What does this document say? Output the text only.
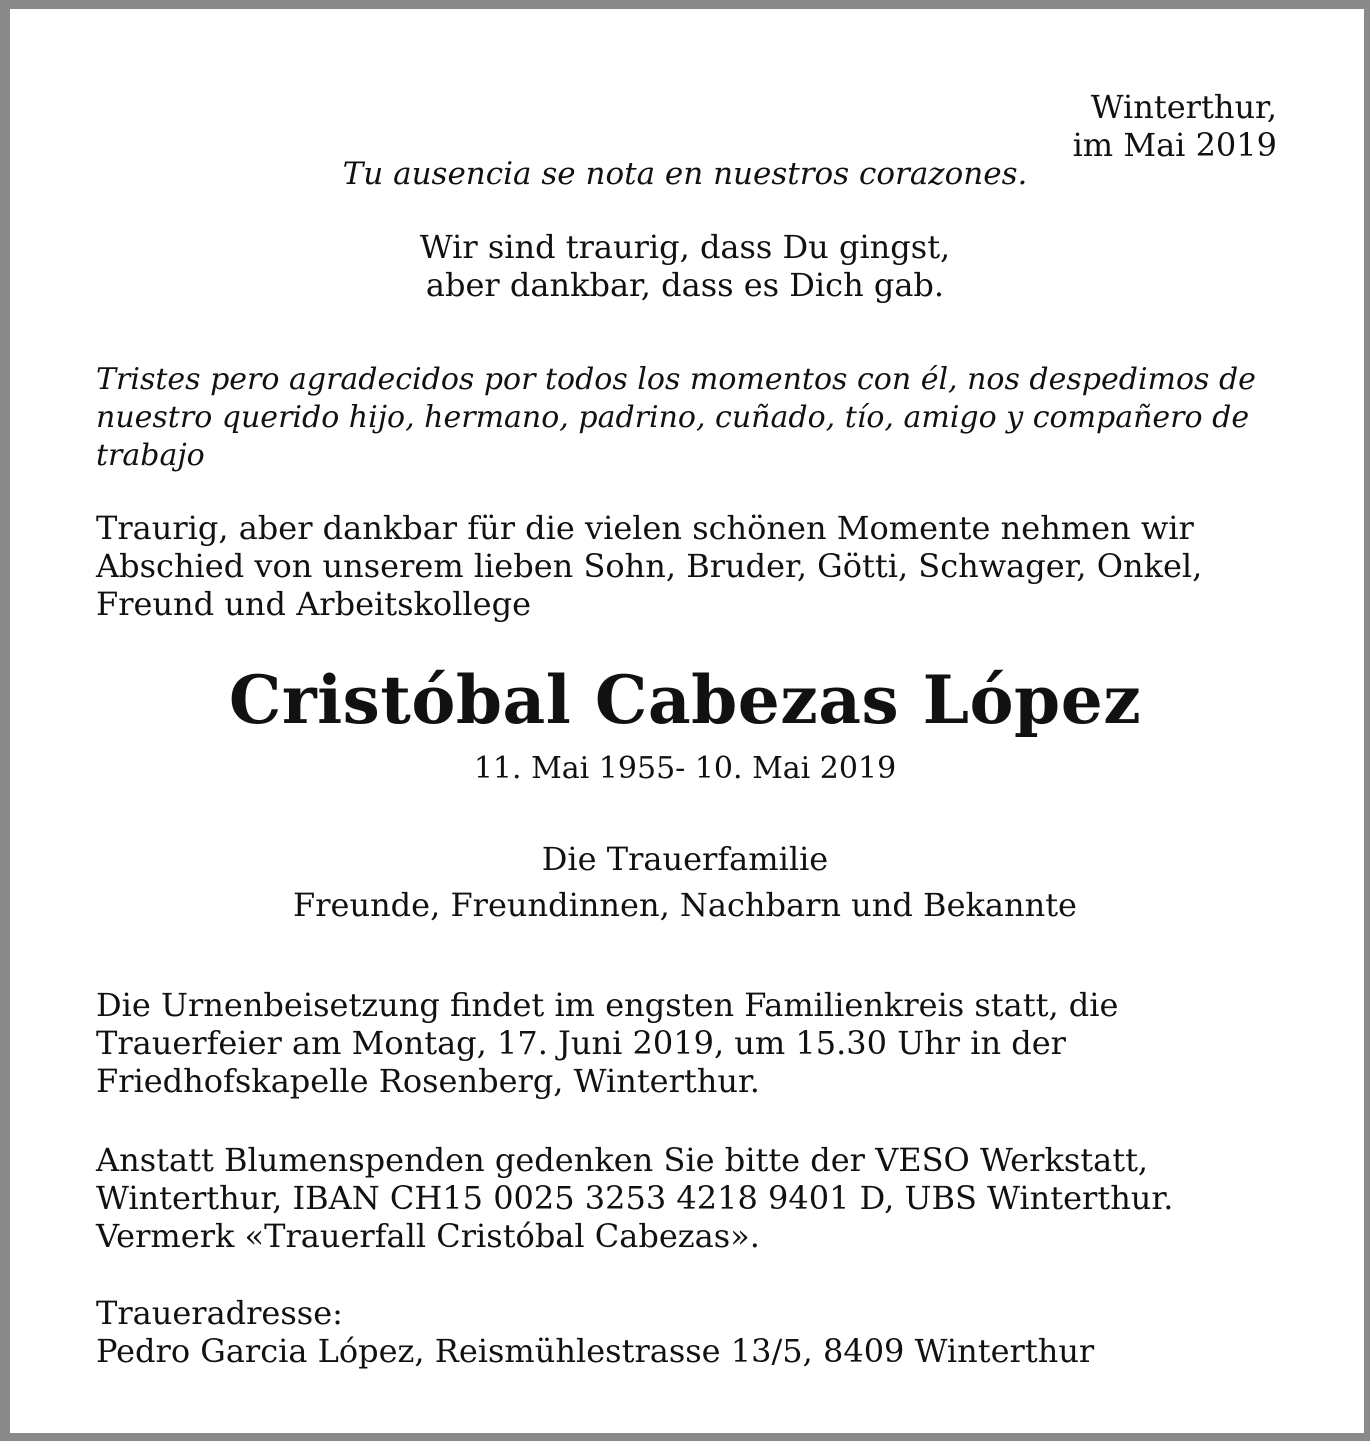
Winterthur,
im Mai 2019

Tu ausencia se nota en nuestros corazones.

Wir sind traurig, dass Du gingst,
aber dankbar, dass es Dich gab.
Tristes pero agradecidos por todos los momentos con él, nos despedimos de
nuestro querido hijo, hermano, padrino, cuñado, tío, amigo y compañero de
trabajo
Traurig, aber dankbar für die vielen schönen Momente nehmen wir
Abschied von unserem lieben Sohn, Bruder, Götti, Schwager, Onkel,
Freund und Arbeitskollege
Cristóbal Cabezas López

11. Mai 1955- 10. Mai 2019

Die Trauerfamilie

Freunde, Freundinnen, Nachbarn und Bekannte

Die Urnenbeisetzung findet im engsten Familienkreis statt, die
Trauerfeier am Montag, 17. Juni 2019, um 15.30 Uhr in der
Friedhofskapelle Rosenberg, Winterthur.
Anstatt Blumenspenden gedenken Sie bitte der VESO Werkstatt,
Winterthur, IBAN CH15 0025 3253 4218 9401 D, UBS Winterthur.
Vermerk «Trauerfall Cristóbal Cabezas».
Traueradresse:
Pedro Garcia López, Reismühlestrasse 13/5, 8409 Winterthur
